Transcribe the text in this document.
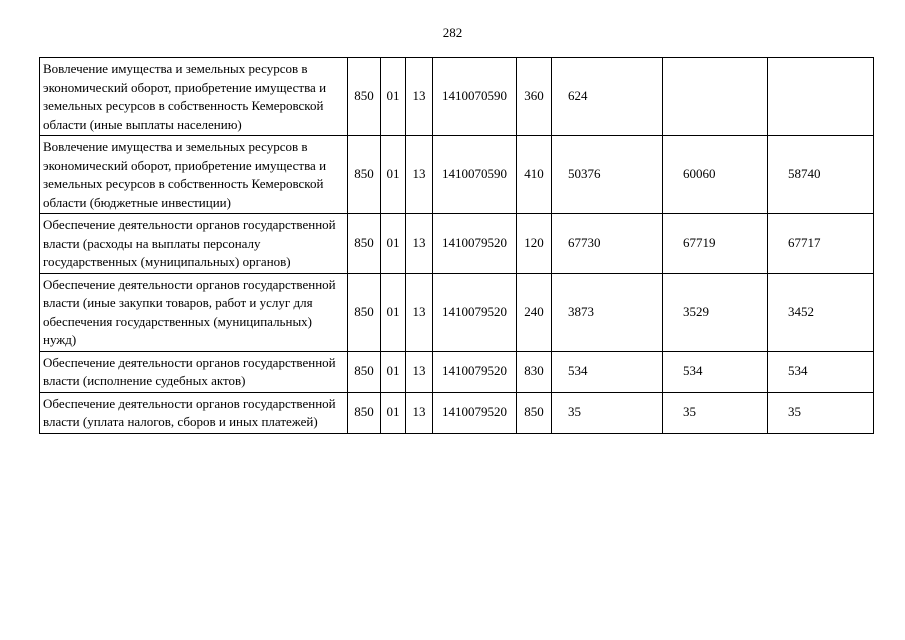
282
Вовлечение имущества и земельных ресурсов в экономический оборот, приобретение имущества и земельных ресурсов в собственность Кемеровской области (иные выплаты населению)	850	01	13	1410070590	360	624		
Вовлечение имущества и земельных ресурсов в экономический оборот, приобретение имущества и земельных ресурсов в собственность Кемеровской области (бюджетные инвестиции)	850	01	13	1410070590	410	50376	60060	58740
Обеспечение деятельности органов государственной власти (расходы на выплаты персоналу государственных (муниципальных) органов)	850	01	13	1410079520	120	67730	67719	67717
Обеспечение деятельности органов государственной власти (иные закупки товаров, работ и услуг для обеспечения государственных (муниципальных) нужд)	850	01	13	1410079520	240	3873	3529	3452
Обеспечение деятельности органов государственной власти (исполнение судебных актов)	850	01	13	1410079520	830	534	534	534
Обеспечение деятельности органов государственной власти (уплата налогов, сборов и иных платежей)	850	01	13	1410079520	850	35	35	35
